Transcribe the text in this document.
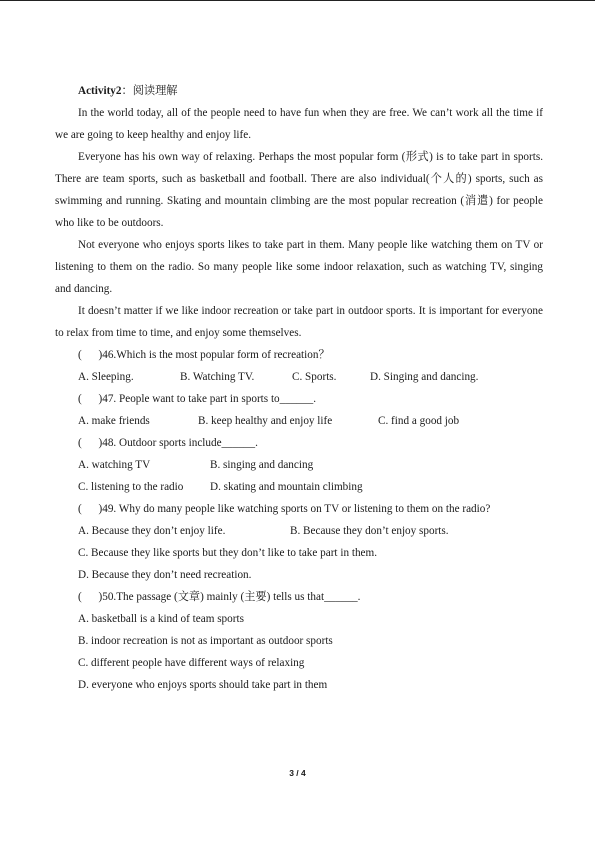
Activity2：阅读理解

In the world today, all of the people need to have fun when they are free. We can’t work all the time if we are going to keep healthy and enjoy life.

Everyone has his own way of relaxing. Perhaps the most popular form (形式) is to take part in sports. There are team sports, such as basketball and football. There are also individual(个人的) sports, such as swimming and running. Skating and mountain climbing are the most popular recreation (消遣) for people who like to be outdoors.

Not everyone who enjoys sports likes to take part in them. Many people like watching them on TV or listening to them on the radio. So many people like some indoor relaxation, such as watching TV, singing and dancing.

It doesn’t matter if we like indoor recreation or take part in outdoor sports. It is important for everyone to relax from time to time, and enjoy some themselves.

(      )46.Which is the most popular form of recreation？
A. Sleeping.	B. Watching TV.	C. Sports.	D. Singing and dancing.
(      )47. People want to take part in sports to______.
A. make friends	B. keep healthy and enjoy life	C. find a good job
(      )48. Outdoor sports include______.
A. watching TV	B. singing and dancing
C. listening to the radio	D. skating and mountain climbing
(      )49. Why do many people like watching sports on TV or listening to them on the radio?
A. Because they don’t enjoy life.	B. Because they don’t enjoy sports.
C. Because they like sports but they don’t like to take part in them.
D. Because they don’t need recreation.
(      )50.The passage (文章) mainly (主要) tells us that______.
A. basketball is a kind of team sports
B. indoor recreation is not as important as outdoor sports
C. different people have different ways of relaxing
D. everyone who enjoys sports should take part in them
3 / 4
